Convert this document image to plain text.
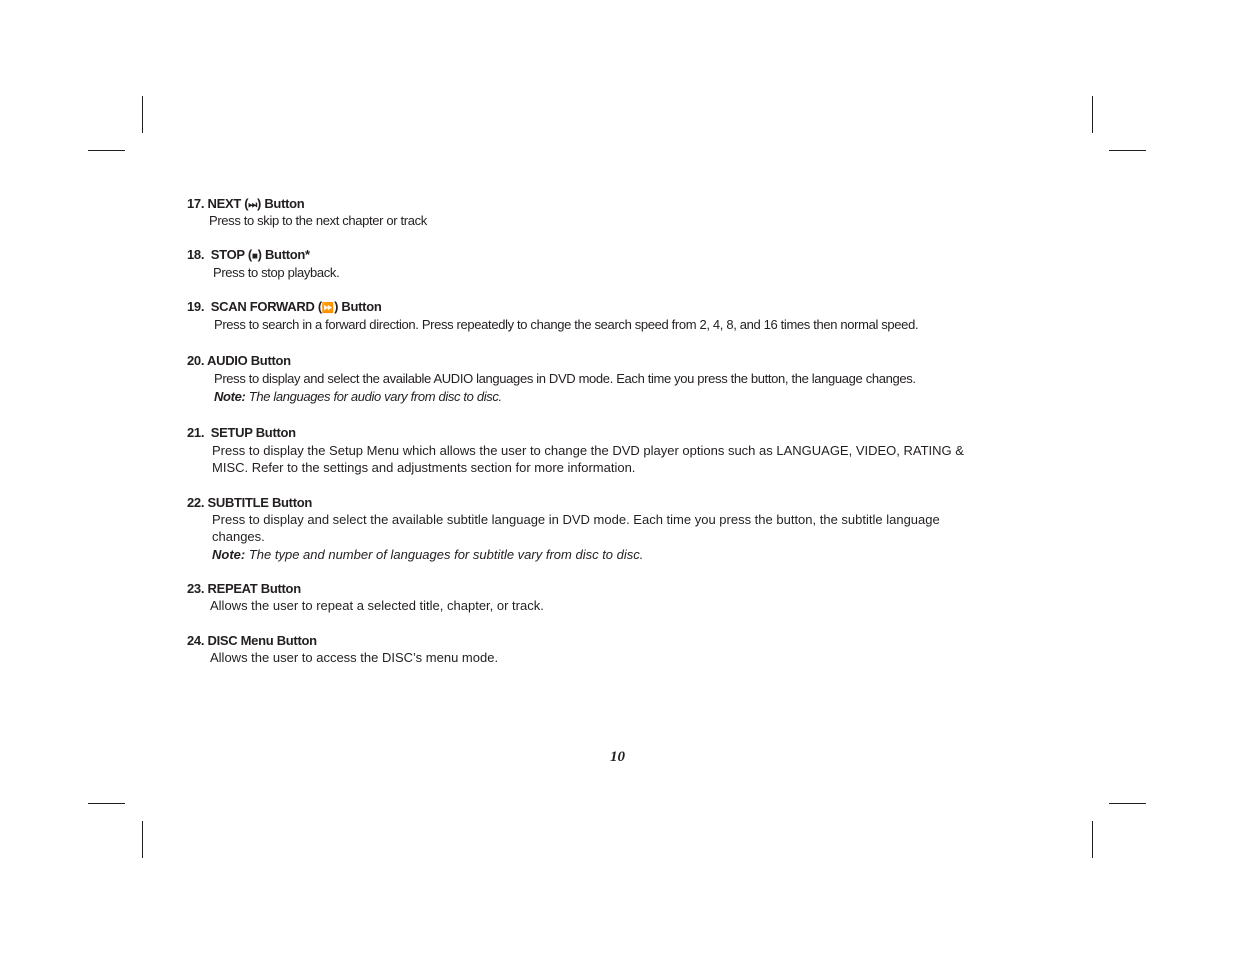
17. NEXT (⏭) Button
Press to skip to the next chapter or track
18. STOP (■) Button*
Press to stop playback.
19. SCAN FORWARD (⏩) Button
Press to search in a forward direction. Press repeatedly to change the search speed from 2, 4, 8, and 16 times then normal speed.
20. AUDIO Button
Press to display and select the available AUDIO languages in DVD mode. Each time you press the button, the language changes.
Note: The languages for audio vary from disc to disc.
21. SETUP Button
Press to display the Setup Menu which allows the user to change the DVD player options such as LANGUAGE, VIDEO, RATING &
MISC. Refer to the settings and adjustments section for more information.
22. SUBTITLE Button
Press to display and select the available subtitle language in DVD mode. Each time you press the button, the subtitle language
changes.
Note: The type and number of languages for subtitle vary from disc to disc.
23. REPEAT Button
Allows the user to repeat a selected title, chapter, or track.
24. DISC Menu Button
Allows the user to access the DISC’s menu mode.
10
